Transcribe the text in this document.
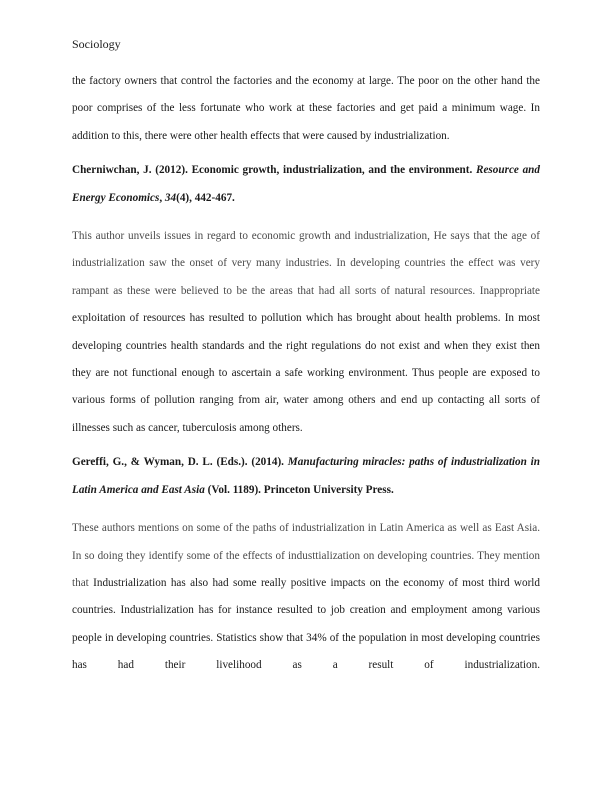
Sociology

the factory owners that control the factories and the economy at large. The poor on the other hand the poor comprises of the less fortunate who work at these factories and get paid a minimum wage. In addition to this, there were other health effects that were caused by industrialization.

Cherniwchan, J. (2012). Economic growth, industrialization, and the environment. Resource and Energy Economics, 34(4), 442-467.

This author unveils issues in regard to economic growth and industrialization, He says that the age of industrialization saw the onset of very many industries. In developing countries the effect was very rampant as these were believed to be the areas that had all sorts of natural resources. Inappropriate exploitation of resources has resulted to pollution which has brought about health problems. In most developing countries health standards and the right regulations do not exist and when they exist then they are not functional enough to ascertain a safe working environment. Thus people are exposed to various forms of pollution ranging from air, water among others and end up contacting all sorts of illnesses such as cancer, tuberculosis among others.

Gereffi, G., & Wyman, D. L. (Eds.). (2014). Manufacturing miracles: paths of industrialization in Latin America and East Asia (Vol. 1189). Princeton University Press.

These authors mentions on some of the paths of industrialization in Latin America as well as East Asia. In so doing they identify some of the effects of industtialization on developing countries. They mention that Industrialization has also had some really positive impacts on the economy of most third world countries. Industrialization has for instance resulted to job creation and employment among various people in developing countries. Statistics show that 34% of the population in most developing countries has had their livelihood as a result of industrialization.
